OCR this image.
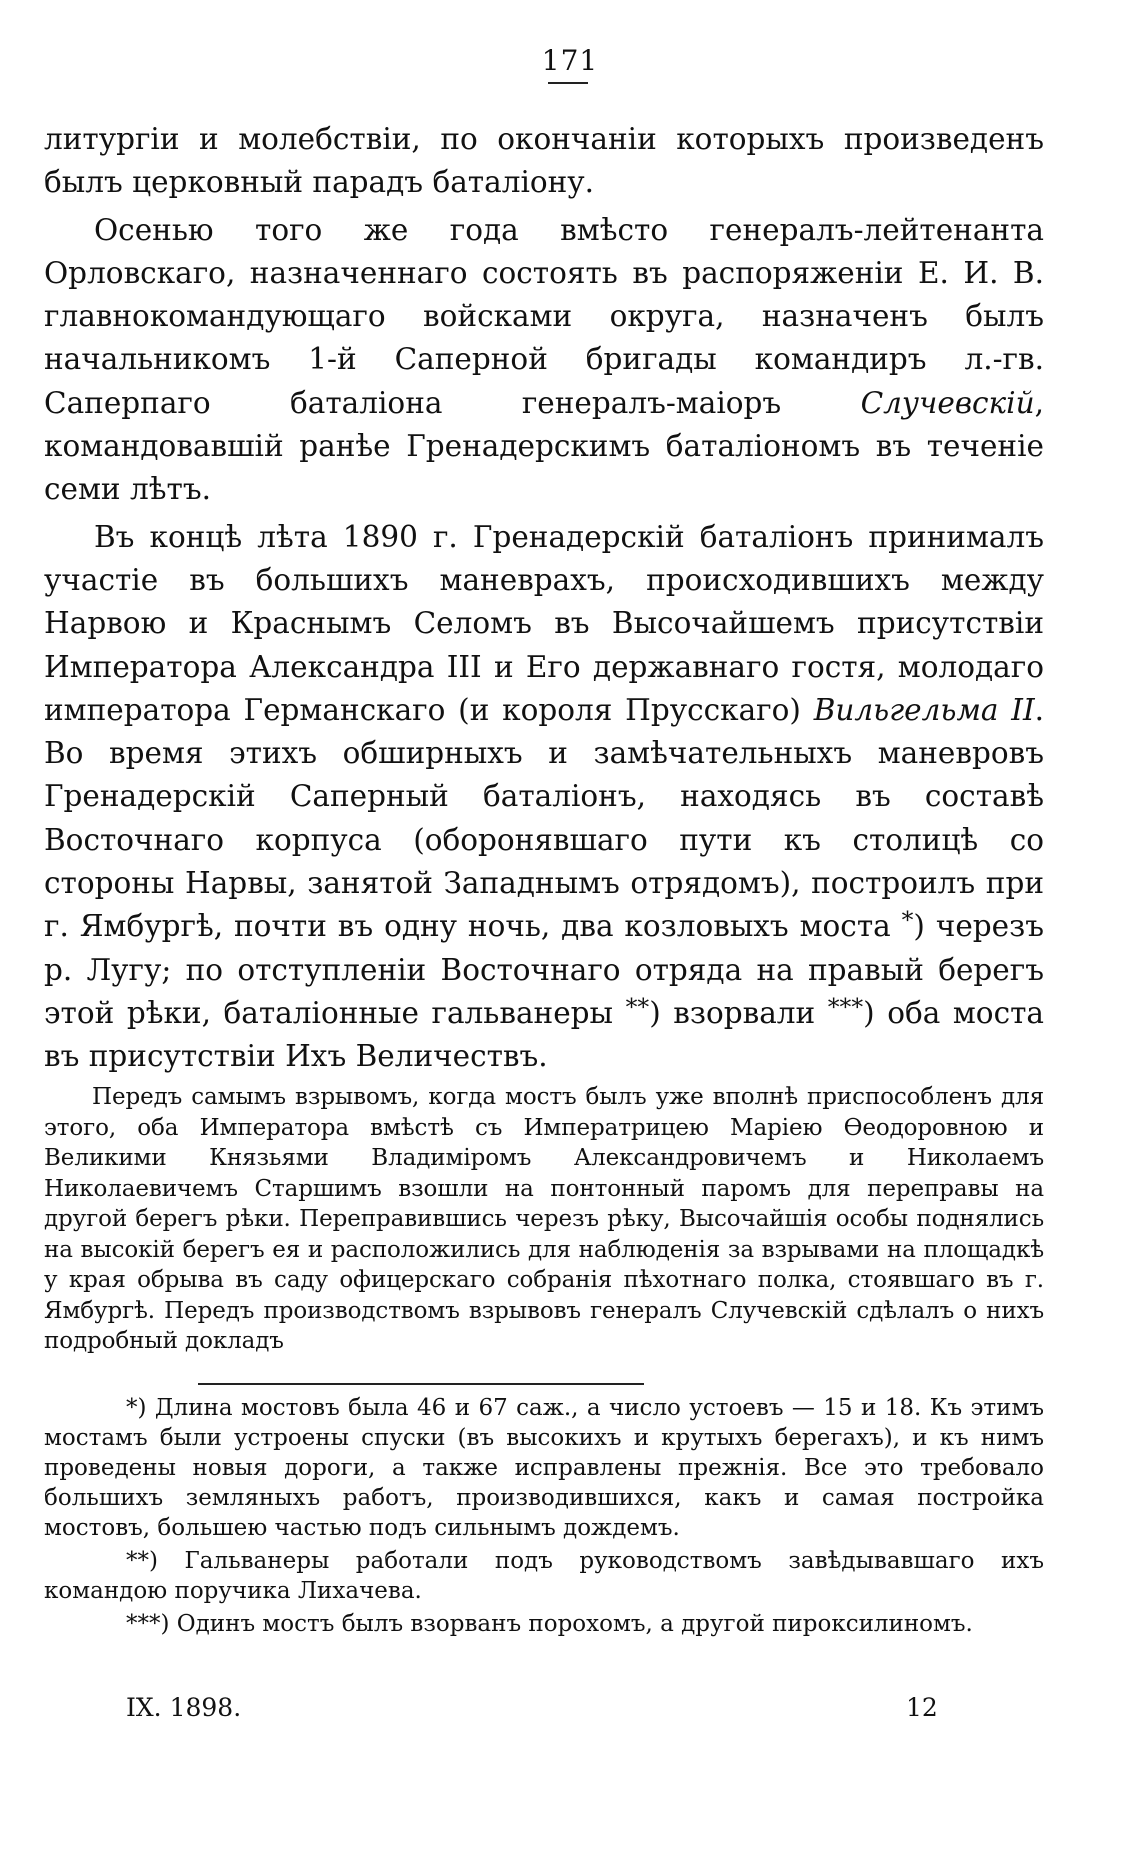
171

литургіи и молебствіи, по окончаніи которыхъ произведенъ былъ церковный парадъ баталіону.

Осенью того же года вмѣсто генералъ-лейтенанта Орловскаго, назначеннаго состоять въ распоряженіи Е. И. В. главнокомандующаго войсками округа, назначенъ былъ начальникомъ 1-й Саперной бригады командиръ л.-гв. Саперпаго баталіона генералъ-маіоръ Случевскій, командовавшій ранѣе Гренадерскимъ баталіономъ въ теченіе семи лѣтъ.

Въ концѣ лѣта 1890 г. Гренадерскій баталіонъ принималъ участіе въ большихъ маневрахъ, происходившихъ между Нарвою и Краснымъ Селомъ въ Высочайшемъ присутствіи Императора Александра III и Его державнаго гостя, молодаго императора Германскаго (и короля Прусскаго) Вильгельма II. Во время этихъ обширныхъ и замѣчательныхъ маневровъ Гренадерскій Саперный баталіонъ, находясь въ составѣ Восточнаго корпуса (оборонявшаго пути къ столицѣ со стороны Нарвы, занятой Западнымъ отрядомъ), построилъ при г. Ямбургѣ, почти въ одну ночь, два козловыхъ моста *) черезъ р. Лугу; по отступленіи Восточнаго отряда на правый берегъ этой рѣки, баталіонные гальванеры **) взорвали ***) оба моста въ присутствіи Ихъ Величествъ.

Передъ самымъ взрывомъ, когда мостъ былъ уже вполнѣ приспособленъ для этого, оба Императора вмѣстѣ съ Императрицею Маріею Ѳеодоровною и Великими Князьями Владиміромъ Александровичемъ и Николаемъ Николаевичемъ Старшимъ взошли на понтонный паромъ для переправы на другой берегъ рѣки. Переправившись черезъ рѣку, Высочайшія особы поднялись на высокій берегъ ея и расположились для наблюденія за взрывами на площадкѣ у края обрыва въ саду офицерскаго собранія пѣхотнаго полка, стоявшаго въ г. Ямбургѣ. Передъ производствомъ взрывовъ генералъ Случевскій сдѣлалъ о нихъ подробный докладъ

*) Длина мостовъ была 46 и 67 саж., а число устоевъ — 15 и 18. Къ этимъ мостамъ были устроены спуски (въ высокихъ и крутыхъ берегахъ), и къ нимъ проведены новыя дороги, а также исправлены прежнія. Все это требовало большихъ земляныхъ работъ, производившихся, какъ и самая постройка мостовъ, большею частью подъ сильнымъ дождемъ.

**) Гальванеры работали подъ руководствомъ завѣдывавшаго ихъ командою поручика Лихачева.

***) Одинъ мостъ былъ взорванъ порохомъ, а другой пироксилиномъ.

IX. 1898.	12
